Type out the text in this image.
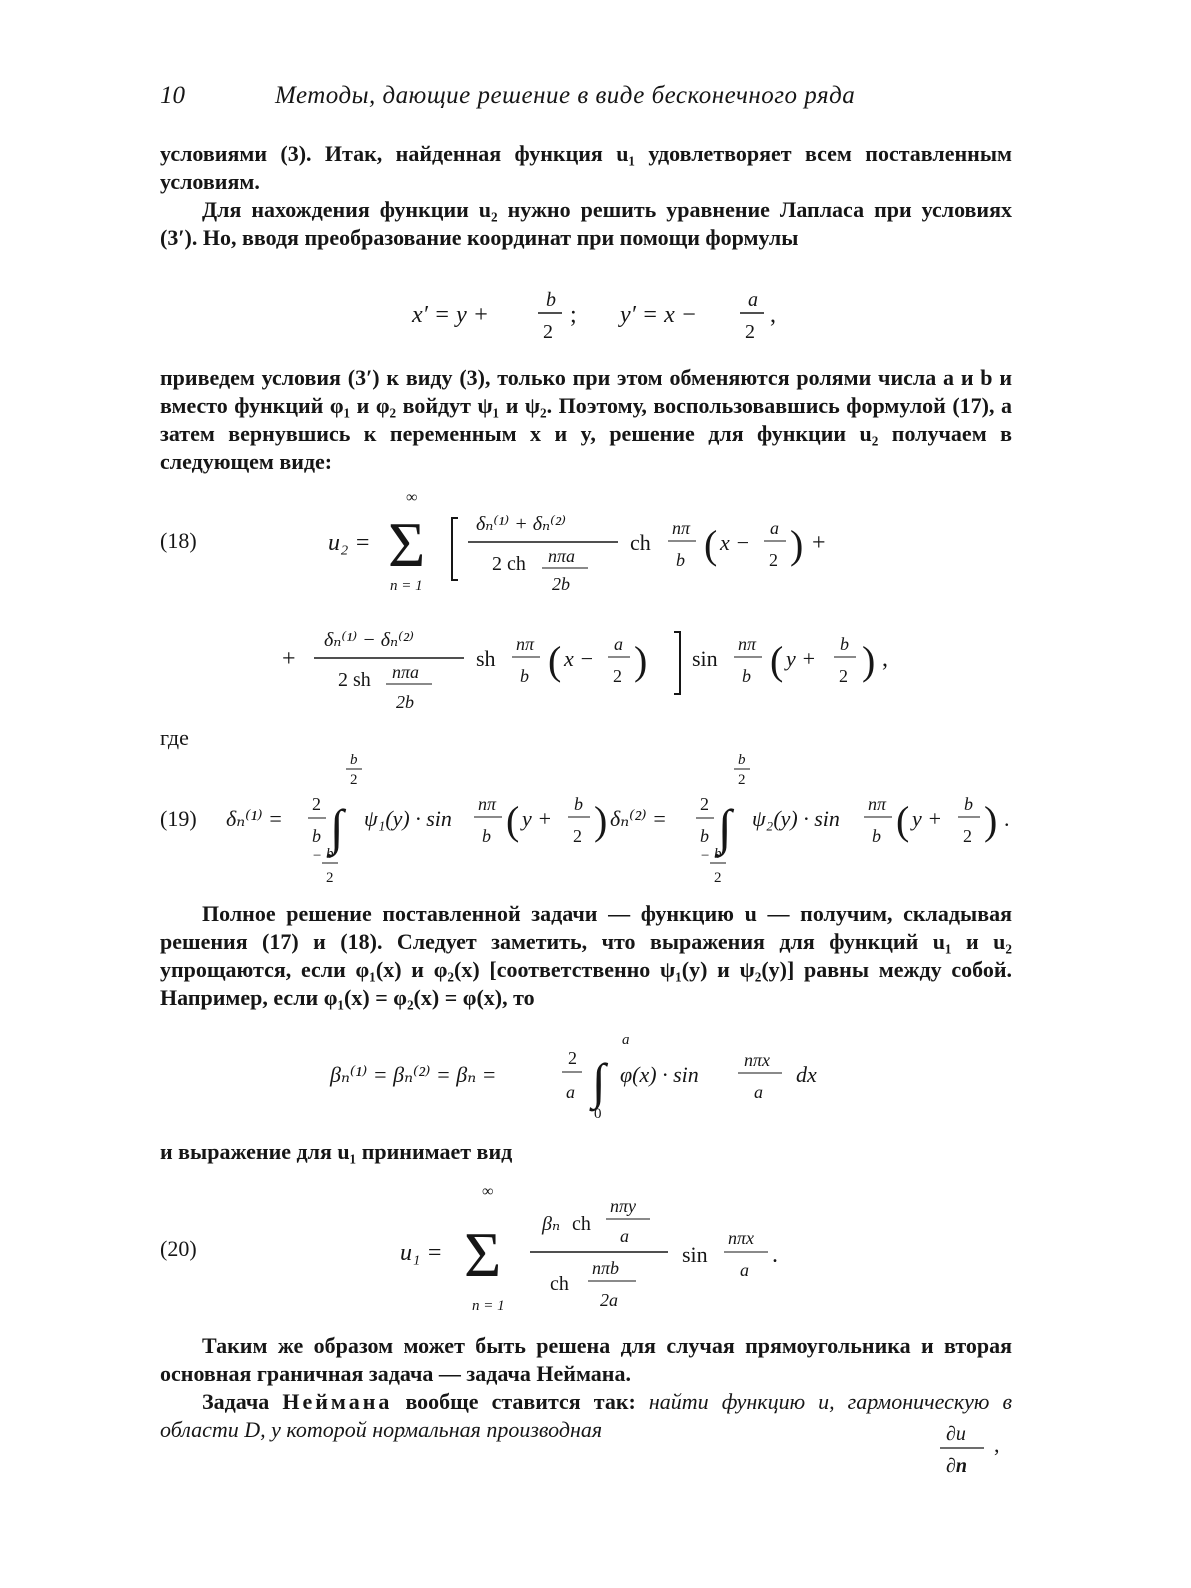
10	Методы, дающие решение в виде бесконечного ряда

условиями (3). Итак, найденная функция u₁ удовлетворяет всем поставленным условиям.

Для нахождения функции u₂ нужно решить уравнение Лапласа при условиях (3′). Но, вводя преобразование координат при помощи формулы

x′ = y +
b
2
; y′ = x −
a
2
,

приведем условия (3′) к виду (3), только при этом обменяются ролями числа a и b и вместо функций φ₁ и φ₂ войдут ψ₁ и ψ₂. Поэтому, воспользовавшись формулой (17), а затем вернувшись к переменным x и y, решение для функции u₂ получаем в следующем виде:

(18)	u₂ =
∞
Σ
n = 1
δₙ⁽¹⁾ + δₙ⁽²⁾
2 ch nπa
2b
ch
nπ
b ( x −
a
2 ) +
+
δₙ⁽¹⁾ − δₙ⁽²⁾
2 sh nπa
2b
sh
nπ
b ( x −
a
2 ) sin
nπ
b ( y +
b
2 ) ,

где

(19) δₙ⁽¹⁾ =
2
b
b
2
∫
− b
2
ψ₁(y) · sin
nπ
b ( y +
b
2 ) δₙ⁽²⁾ =
2
b
b
2
∫
− b
2
ψ₂(y) · sin
nπ
b ( y +
b
2 ) .

Полное решение поставленной задачи — функцию u — получим, складывая решения (17) и (18). Следует заметить, что выражения для функций u₁ и u₂ упрощаются, если φ₁(x) и φ₂(x) [соответственно ψ₁(y) и ψ₂(y)] равны между собой. Например, если φ₁(x) = φ₂(x) = φ(x), то

βₙ⁽¹⁾ = βₙ⁽²⁾ = βₙ =
2
a
a
∫
0
φ(x) · sin
nπx
a
dx

и выражение для u₁ принимает вид

(20)	u₁ =
∞
Σ
n = 1
βₙ ch
nπy
a
ch
nπb
2a
sin
nπx
a
.

Таким же образом может быть решена для случая прямоугольника и вторая основная граничная задача — задача Неймана.

Задача Неймана вообще ставится так: найти функцию u, гармоническую в области D, у которой нормальная производная	∂u
∂n
,
